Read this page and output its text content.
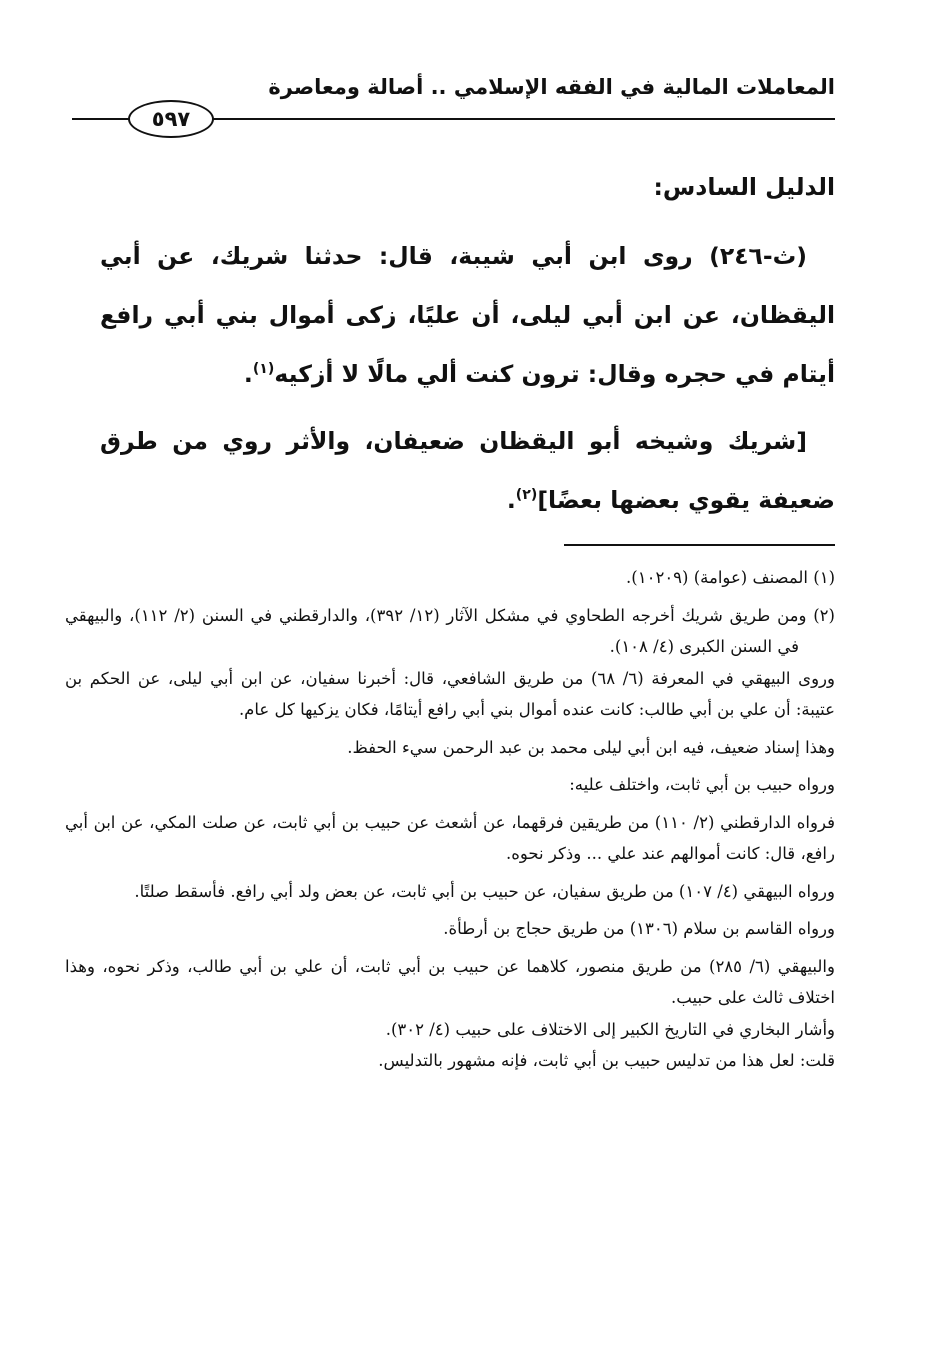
المعاملات المالية في الفقه الإسلامي .. أصالة ومعاصرة
٥٩٧

الدليل السادس:

(ث-٢٤٦) روى ابن أبي شيبة، قال: حدثنا شريك، عن أبي اليقظان، عن ابن أبي ليلى، أن عليًا، زكى أموال بني أبي رافع أيتام في حجره وقال: ترون كنت ألي مالًا لا أزكيه$^{(١)}$.

[شريك وشيخه أبو اليقظان ضعيفان، والأثر روي من طرق ضعيفة يقوي بعضها بعضًا]$^{(٢)}$.

(١) المصنف (عوامة) (١٠٢٠٩).

(٢) ومن طريق شريك أخرجه الطحاوي في مشكل الآثار (١٢/ ٣٩٢)، والدارقطني في السنن (٢/ ١١٢)، والبيهقي في السنن الكبرى (٤/ ١٠٨).

وروى البيهقي في المعرفة (٦/ ٦٨) من طريق الشافعي، قال: أخبرنا سفيان، عن ابن أبي ليلى، عن الحكم بن عتيبة: أن علي بن أبي طالب: كانت عنده أموال بني أبي رافع أيتامًا، فكان يزكيها كل عام.

وهذا إسناد ضعيف، فيه ابن أبي ليلى محمد بن عبد الرحمن سيء الحفظ.

ورواه حبيب بن أبي ثابت، واختلف عليه:

فرواه الدارقطني (٢/ ١١٠) من طريقين فرقهما، عن أشعث عن حبيب بن أبي ثابت، عن صلت المكي، عن ابن أبي رافع، قال: كانت أموالهم عند علي ... وذكر نحوه.

ورواه البيهقي (٤/ ١٠٧) من طريق سفيان، عن حبيب بن أبي ثابت، عن بعض ولد أبي رافع. فأسقط صلتًا.

ورواه القاسم بن سلام (١٣٠٦) من طريق حجاج بن أرطأة.

والبيهقي (٦/ ٢٨٥) من طريق منصور، كلاهما عن حبيب بن أبي ثابت، أن علي بن أبي طالب، وذكر نحوه، وهذا اختلاف ثالث على حبيب.

وأشار البخاري في التاريخ الكبير إلى الاختلاف على حبيب (٤/ ٣٠٢).

قلت: لعل هذا من تدليس حبيب بن أبي ثابت، فإنه مشهور بالتدليس.
